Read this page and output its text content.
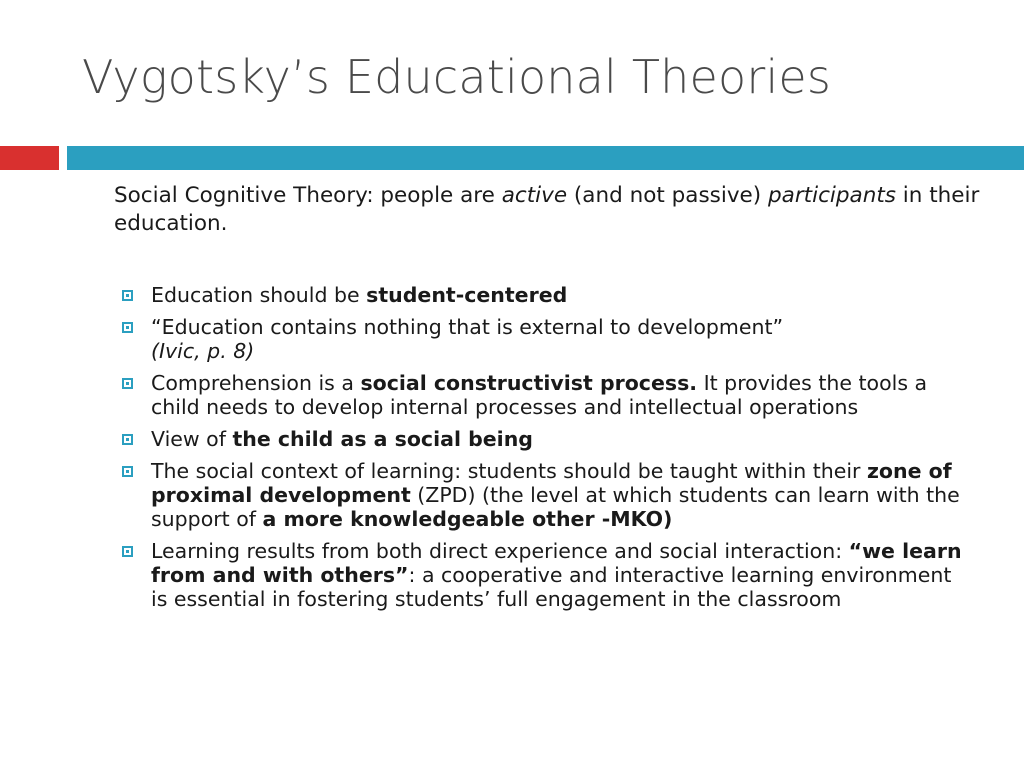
Vygotsky’s Educational Theories

Social Cognitive Theory: people are active (and not passive) participants in their education.

Education should be student-centered
“Education contains nothing that is external to development”
(Ivic, p. 8)
Comprehension is a social constructivist process. It provides the tools a child needs to develop internal processes and intellectual operations
View of the child as a social being
The social context of learning: students should be taught within their zone of proximal development (ZPD) (the level at which students can learn with the support of a more knowledgeable other -MKO)
Learning results from both direct experience and social interaction: “we learn from and with others”: a cooperative and interactive learning environment is essential in fostering students’ full engagement in the classroom
